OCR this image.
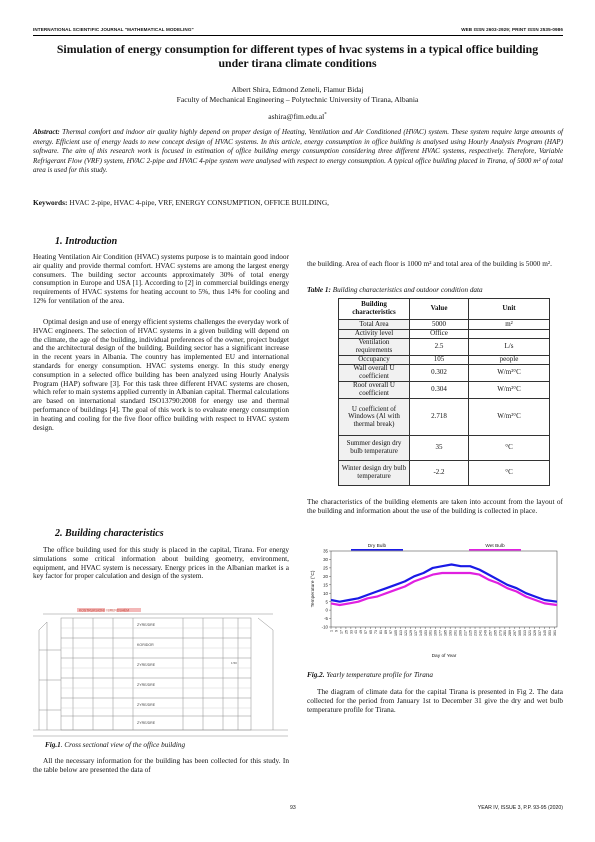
INTERNATIONAL SCIENTIFIC JOURNAL "MATHEMATICAL MODELING"	WEB ISSN 2603-2929; PRINT ISSN 2535-0986
Simulation of energy consumption for different types of hvac systems in a typical office building under tirana climate conditions
Albert Shira, Edmond Zeneli, Flamur Bidaj
Faculty of Mechanical Engineering – Polytechnic University of Tirana, Albania
ashira@fim.edu.al*
Abstract: Thermal comfort and indoor air quality highly depend on proper design of Heating, Ventilation and Air Conditioned (HVAC) system. These system require large amounts of energy. Efficient use of energy leads to new concept design of HVAC systems. In this article, energy consumption in office building is analysed using Hourly Analysis Program (HAP) software. The aim of this research work is focused in estimation of office building energy consumption considering three different HVAC systems, respectively. Therefore, Variable Refrigerant Flow (VRF) system, HVAC 2-pipe and HVAC 4-pipe system were analysed with respect to energy consumption. A typical office building placed in Tirana, of 5000 m² of total area is used for this study.
Keywords: HVAC 2-pipe, HVAC 4-pipe, VRF, ENERGY CONSUMPTION, OFFICE BUILDING,
1. Introduction
Heating Ventilation Air Condition (HVAC) systems purpose is to maintain good indoor air quality and provide thermal comfort. HVAC systems are among the largest energy consumers. The building sector accounts approximately 30% of total energy consumption in Europe and USA [1]. According to [2] in commercial buildings energy requirements of HVAC systems for heating account to 5%, thus 14% for cooling and 12% for ventilation of the area.
Optimal design and use of energy efficient systems challenges the everyday work of HVAC engineers. The selection of HVAC systems in a given building will depend on the climate, the age of the building, individual preferences of the owner, project budget and the architectural design of the building. Building sector has a significant increase in the recent years in Albania. The country has implemented EU and international standards for energy consumption. HVAC systems energy. In this study energy consumption in a selected office building has been analyzed using Hourly Analysis Program (HAP) software [3]. For this task three different HVAC systems are chosen, which refer to main systems applied currently in Albanian capital. Thermal calculations are based on international standard ISO13790:2008 for energy use and thermal performance of buildings [4]. The goal of this work is to evaluate energy consumption in heating and cooling for the five floor office building with respect to HVAC system design.
2. Building characteristics
The office building used for this study is placed in the capital, Tirana. For energy simulations some critical information about building geometry, environment, equipment, and HVAC system is necessary. Energy prices in the Albanian market is a key factor for proper calculation and design of the system.
KOSTRUKSIONI I BRENDSHËM
ZYRE/DRE
KORIDOR
ZYRE/DRE
ZYRE/DRE
ZYRE/DRE
ZYRE/DRE
1:50
Fig.1. Cross sectional view of the office building
All the necessary information for the building has been collected for this study. In the table below are presented the data of
the building. Area of each floor is 1000 m² and total area of the building is 5000 m².
Table 1: Building characteristics and outdoor condition data
Building characteristics	Value	Unit
Total Area	5000	m²
Activity level	Office	
Ventilation requirements	2.5	L/s
Occupancy	105	people
Wall overall U coefficient	0.302	W/m²°C
Roof overall U coefficient	0.304	W/m²°C
U coefficient of Windows (Al with thermal break)	2.718	W/m²°C
Summer design dry bulb temperature	35	°C
Winter design dry bulb temperature	-2.2	°C
The characteristics of the building elements are taken into account from the layout of the building and information about the use of the building is collected in place.
-10
-5
0
5
10
15
20
25
30
35
1 9 17 25 33 41 49 57 65 73 81 89 97 105 113 121 129 137 145 153 161 169 177 185 193 201 209 217 225 233 241 249 257 265 273 281 289 297 305 313 321 329 337 345 353 361
Day of Year
Temperature (°C)
Dry Bulb	Wet Bulb
Fig.2. Yearly temperature profile for Tirana
The diagram of climate data for the capital Tirana is presented in Fig 2. The data collected for the period from January 1st to December 31 give the dry and wet bulb temperature profile for Tirana.
93	YEAR IV, ISSUE 3, P.P. 93-95 (2020)
